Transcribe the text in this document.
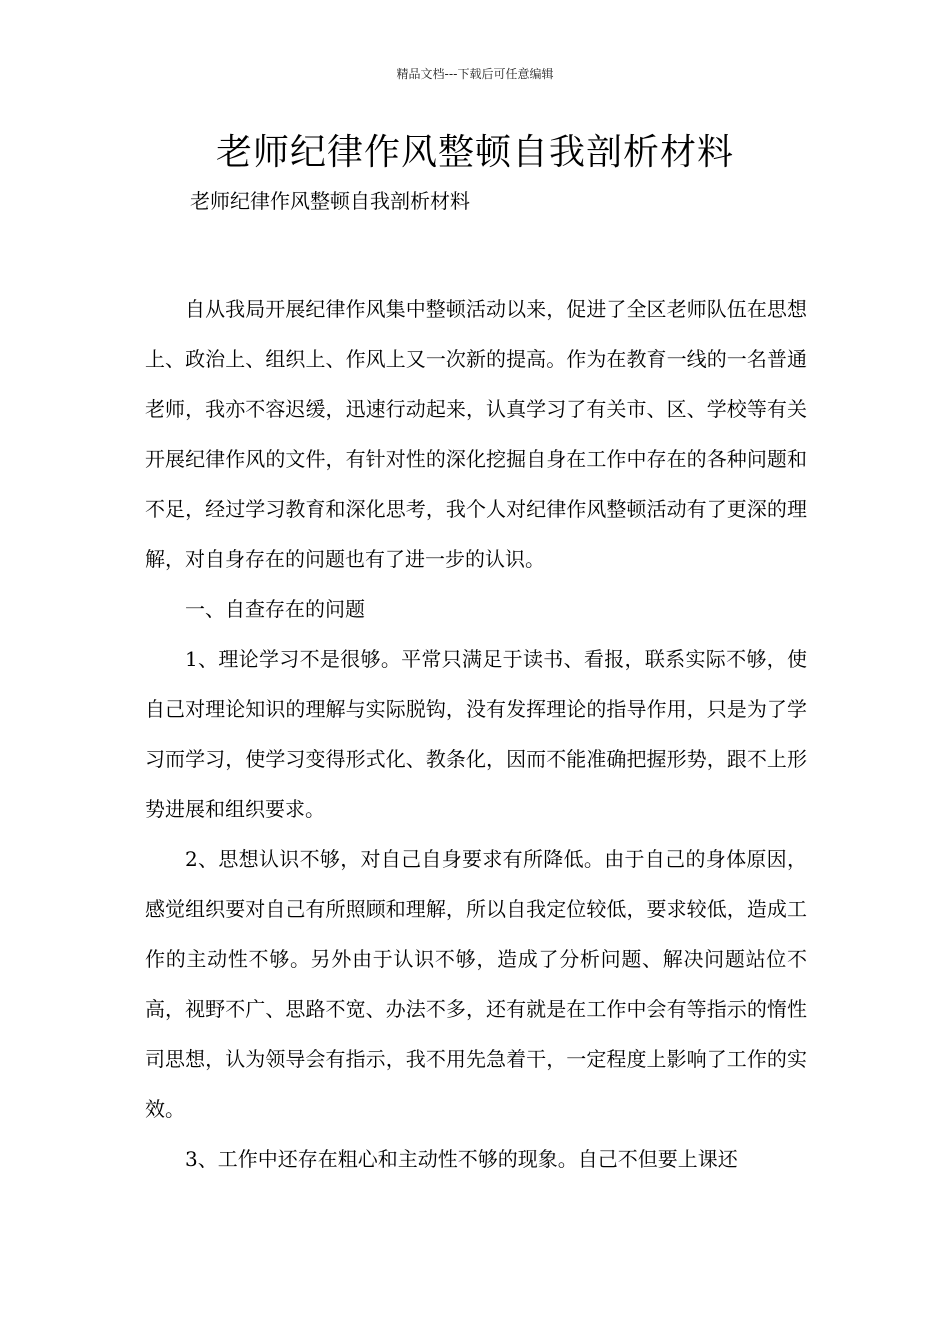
精品文档---下载后可任意编辑
老师纪律作风整顿自我剖析材料
老师纪律作风整顿自我剖析材料

自从我局开展纪律作风集中整顿活动以来，促进了全区老师队伍在思想上、政治上、组织上、作风上又一次新的提高。作为在教育一线的一名普通老师，我亦不容迟缓，迅速行动起来，认真学习了有关市、区、学校等有关开展纪律作风的文件，有针对性的深化挖掘自身在工作中存在的各种问题和不足，经过学习教育和深化思考，我个人对纪律作风整顿活动有了更深的理解，对自身存在的问题也有了进一步的认识。

一、自查存在的问题

1、理论学习不是很够。平常只满足于读书、看报，联系实际不够，使自己对理论知识的理解与实际脱钩，没有发挥理论的指导作用，只是为了学习而学习，使学习变得形式化、教条化，因而不能准确把握形势，跟不上形势进展和组织要求。

2、思想认识不够，对自己自身要求有所降低。由于自己的身体原因，感觉组织要对自己有所照顾和理解，所以自我定位较低，要求较低，造成工作的主动性不够。另外由于认识不够，造成了分析问题、解决问题站位不高，视野不广、思路不宽、办法不多，还有就是在工作中会有等指示的惰性司思想，认为领导会有指示，我不用先急着干，一定程度上影响了工作的实效。

3、工作中还存在粗心和主动性不够的现象。自己不但要上课还
